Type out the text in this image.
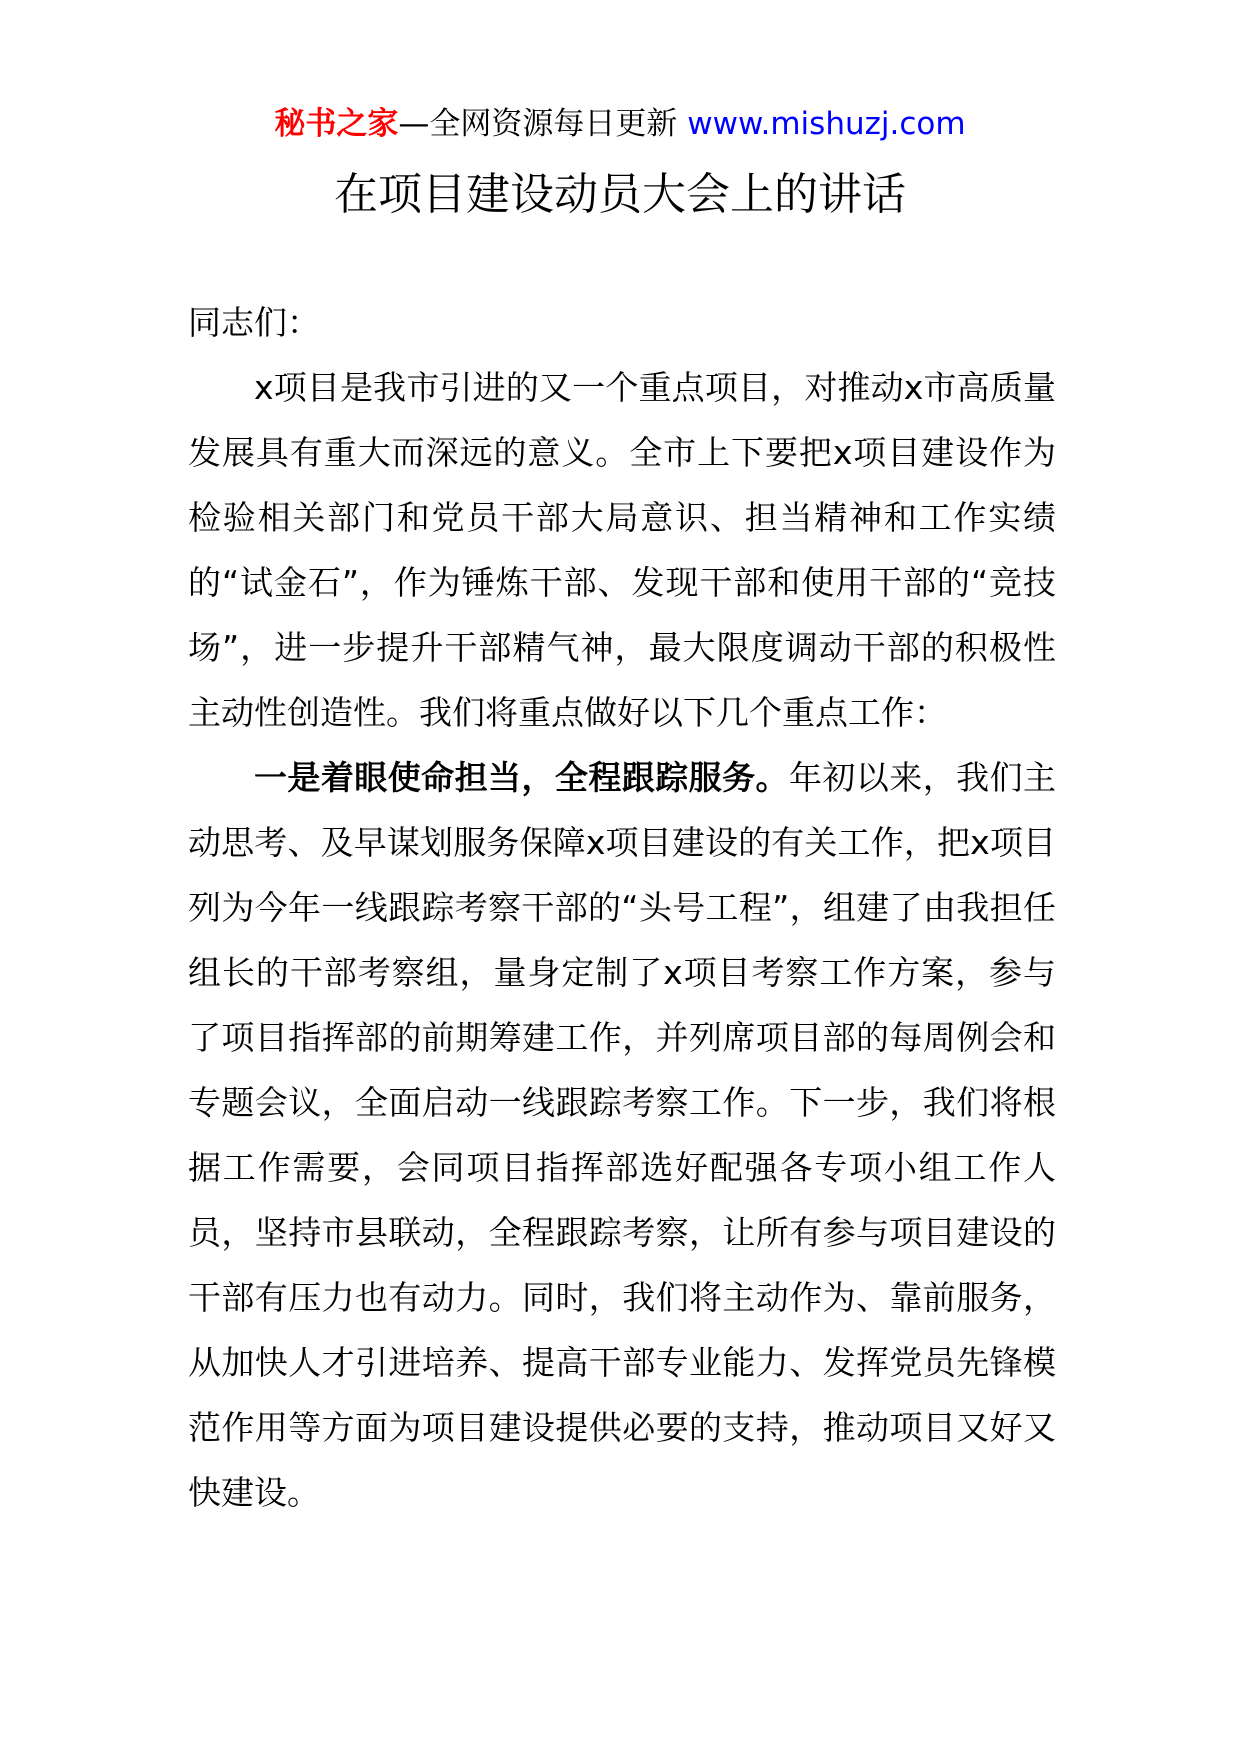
秘书之家—全网资源每日更新 www.mishuzj.com
在项目建设动员大会上的讲话

同志们：

x项目是我市引进的又一个重点项目，对推动x市高质量发展具有重大而深远的意义。全市上下要把x项目建设作为检验相关部门和党员干部大局意识、担当精神和工作实绩的“试金石”，作为锤炼干部、发现干部和使用干部的“竞技场”，进一步提升干部精气神，最大限度调动干部的积极性主动性创造性。我们将重点做好以下几个重点工作：

一是着眼使命担当，全程跟踪服务。年初以来，我们主动思考、及早谋划服务保障x项目建设的有关工作，把x项目列为今年一线跟踪考察干部的“头号工程”，组建了由我担任组长的干部考察组，量身定制了x项目考察工作方案，参与了项目指挥部的前期筹建工作，并列席项目部的每周例会和专题会议，全面启动一线跟踪考察工作。下一步，我们将根据工作需要，会同项目指挥部选好配强各专项小组工作人员，坚持市县联动，全程跟踪考察，让所有参与项目建设的干部有压力也有动力。同时，我们将主动作为、靠前服务，从加快人才引进培养、提高干部专业能力、发挥党员先锋模范作用等方面为项目建设提供必要的支持，推动项目又好又快建设。
